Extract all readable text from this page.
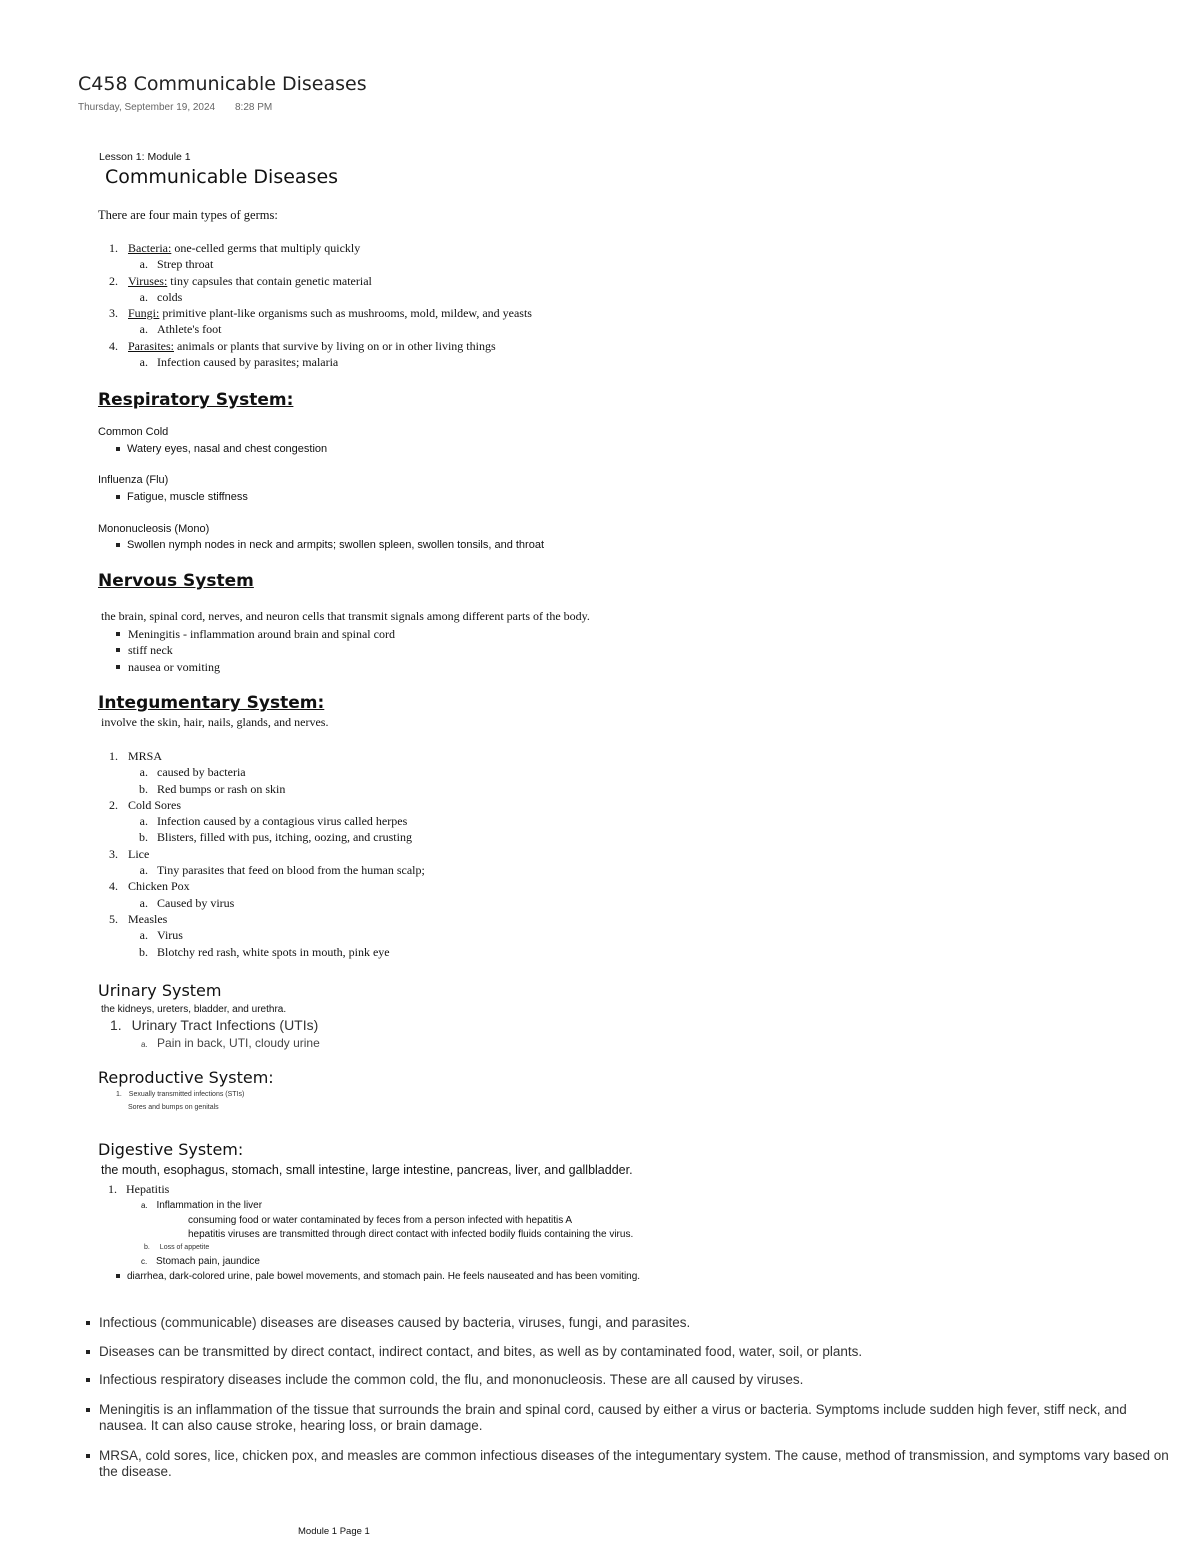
C458 Communicable Diseases
Thursday, September 19, 2024 8:28 PM
Lesson 1: Module 1
Communicable Diseases
There are four main types of germs:
1. Bacteria: one-celled germs that multiply quickly
a. Strep throat
2. Viruses: tiny capsules that contain genetic material
a. colds
3. Fungi: primitive plant-like organisms such as mushrooms, mold, mildew, and yeasts
a. Athlete's foot
4. Parasites: animals or plants that survive by living on or in other living things
a. Infection caused by parasites; malaria
Respiratory System:
Common Cold
Watery eyes, nasal and chest congestion
Influenza (Flu)
Fatigue, muscle stiffness
Mononucleosis (Mono)
Swollen nymph nodes in neck and armpits; swollen spleen, swollen tonsils, and throat
Nervous System
the brain, spinal cord, nerves, and neuron cells that transmit signals among different parts of the body.
Meningitis - inflammation around brain and spinal cord
stiff neck
nausea or vomiting
Integumentary System:
involve the skin, hair, nails, glands, and nerves.
1. MRSA
a. caused by bacteria
b. Red bumps or rash on skin
2. Cold Sores
a. Infection caused by a contagious virus called herpes
b. Blisters, filled with pus, itching, oozing, and crusting
3. Lice
a. Tiny parasites that feed on blood from the human scalp;
4. Chicken Pox
a. Caused by virus
5. Measles
a. Virus
b. Blotchy red rash, white spots in mouth, pink eye
Urinary System
the kidneys, ureters, bladder, and urethra.
1. Urinary Tract Infections (UTIs)
a. Pain in back, UTI, cloudy urine
Reproductive System:
1. Sexually transmitted infections (STIs)
Sores and bumps on genitals
Digestive System:
the mouth, esophagus, stomach, small intestine, large intestine, pancreas, liver, and gallbladder.
1. Hepatitis
a. Inflammation in the liver
consuming food or water contaminated by feces from a person infected with hepatitis A
hepatitis viruses are transmitted through direct contact with infected bodily fluids containing the virus.
b. Loss of appetite
c. Stomach pain, jaundice
diarrhea, dark-colored urine, pale bowel movements, and stomach pain. He feels nauseated and has been vomiting.
Infectious (communicable) diseases are diseases caused by bacteria, viruses, fungi, and parasites.
Diseases can be transmitted by direct contact, indirect contact, and bites, as well as by contaminated food, water, soil, or plants.
Infectious respiratory diseases include the common cold, the flu, and mononucleosis. These are all caused by viruses.
Meningitis is an inflammation of the tissue that surrounds the brain and spinal cord, caused by either a virus or bacteria. Symptoms include sudden high fever, stiff neck, and nausea. It can also cause stroke, hearing loss, or brain damage.
MRSA, cold sores, lice, chicken pox, and measles are common infectious diseases of the integumentary system. The cause, method of transmission, and symptoms vary based on the disease.
Module 1 Page 1
